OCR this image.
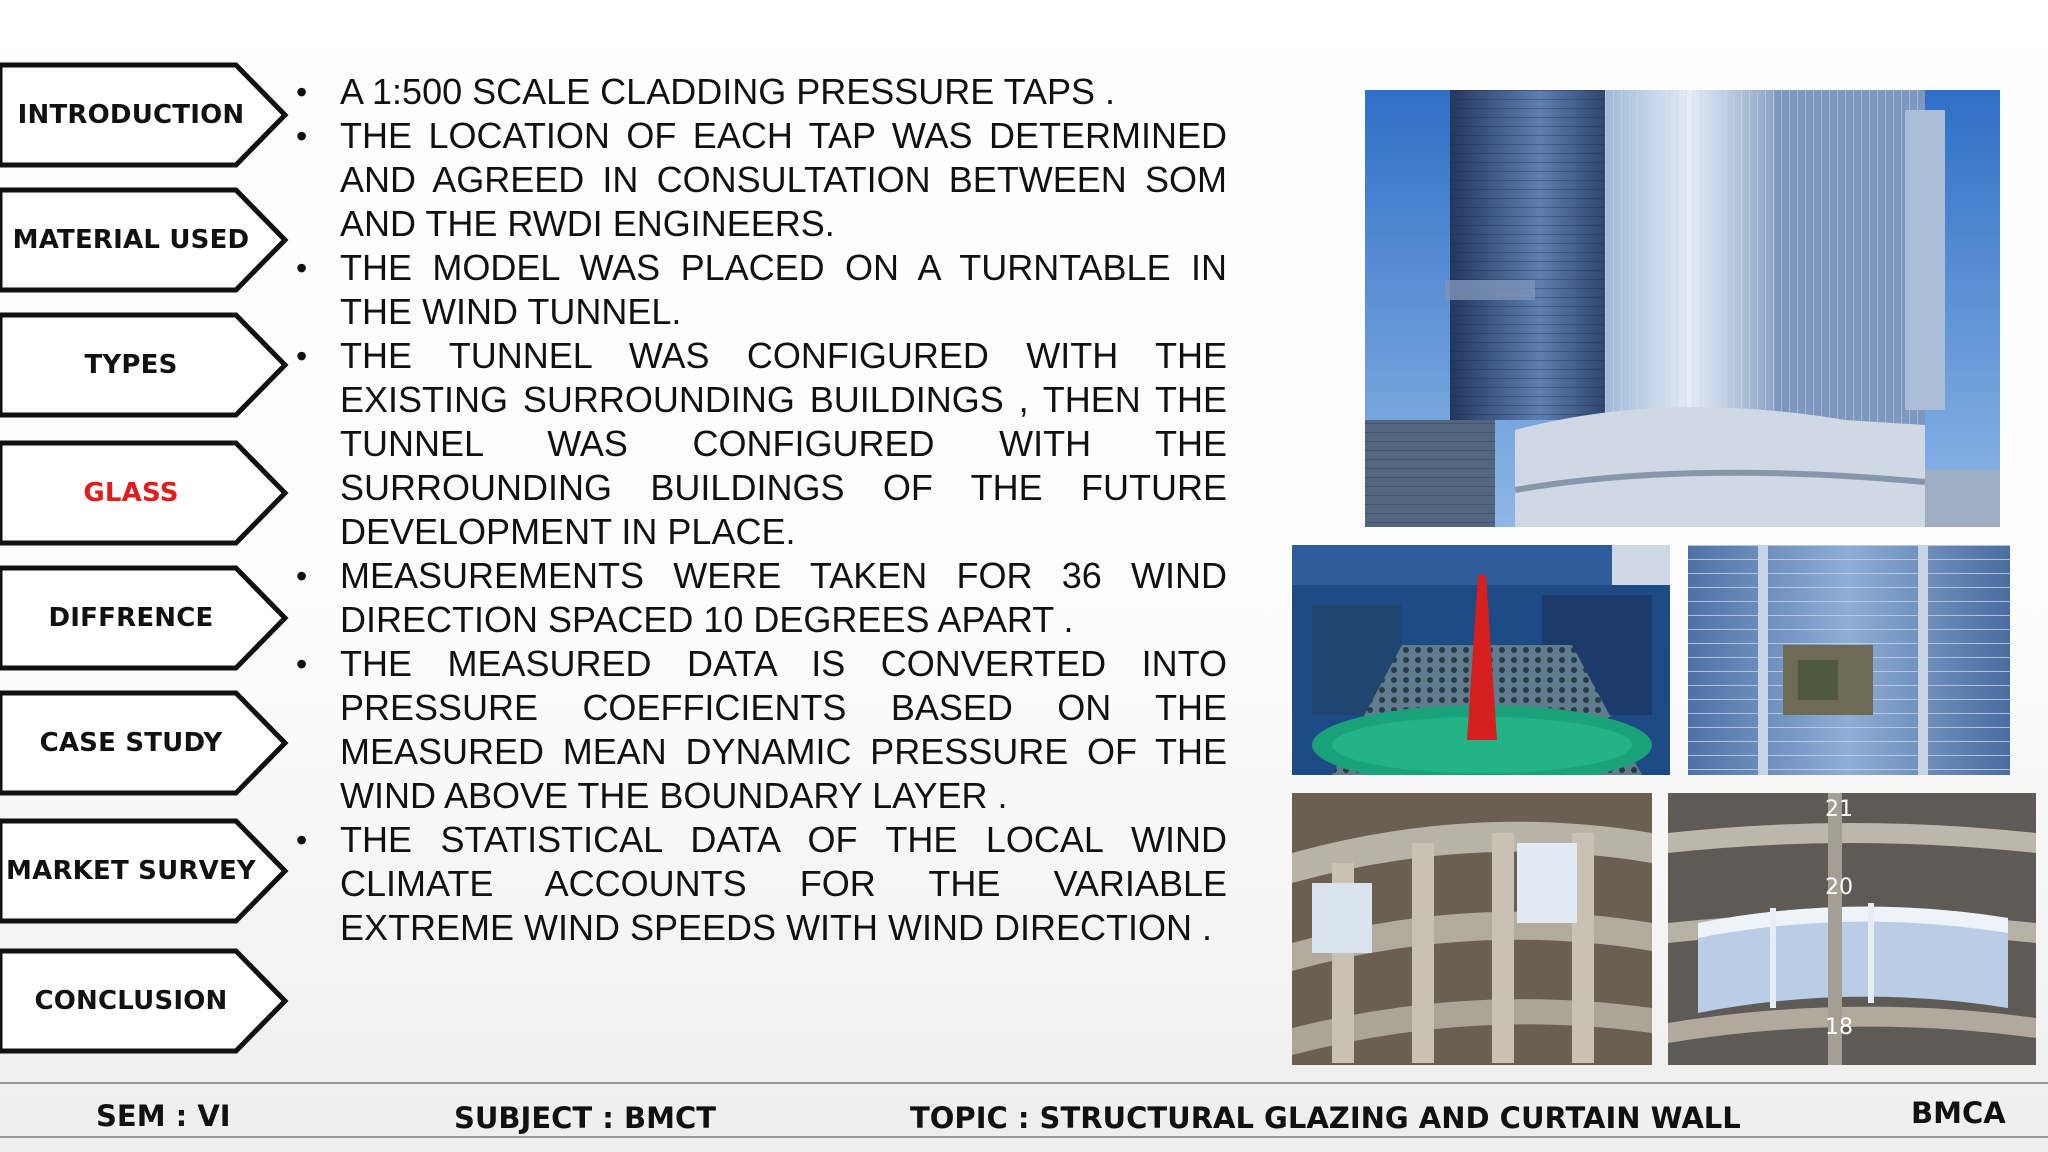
INTRODUCTION
MATERIAL USED
TYPES
GLASS
DIFFRENCE
CASE STUDY
MARKET SURVEY
CONCLUSION
• A 1:500 SCALE CLADDING PRESSURE TAPS .
• THE LOCATION OF EACH TAP WAS DETERMINED AND AGREED IN CONSULTATION BETWEEN SOM AND THE RWDI ENGINEERS.
• THE MODEL WAS PLACED ON A TURNTABLE IN THE WIND TUNNEL.
• THE TUNNEL WAS CONFIGURED WITH THE EXISTING SURROUNDING BUILDINGS , THEN THE TUNNEL WAS CONFIGURED WITH THE SURROUNDING BUILDINGS OF THE FUTURE DEVELOPMENT IN PLACE.
• MEASUREMENTS WERE TAKEN FOR 36 WIND DIRECTION SPACED 10 DEGREES APART .
• THE MEASURED DATA IS CONVERTED INTO PRESSURE COEFFICIENTS BASED ON THE MEASURED MEAN DYNAMIC PRESSURE OF THE WIND ABOVE THE BOUNDARY LAYER .
• THE STATISTICAL DATA OF THE LOCAL WIND CLIMATE ACCOUNTS FOR THE VARIABLE EXTREME WIND SPEEDS WITH WIND DIRECTION .
21
20
18
SEM : VI	SUBJECT : BMCT	TOPIC : STRUCTURAL GLAZING AND CURTAIN WALL	BMCA
